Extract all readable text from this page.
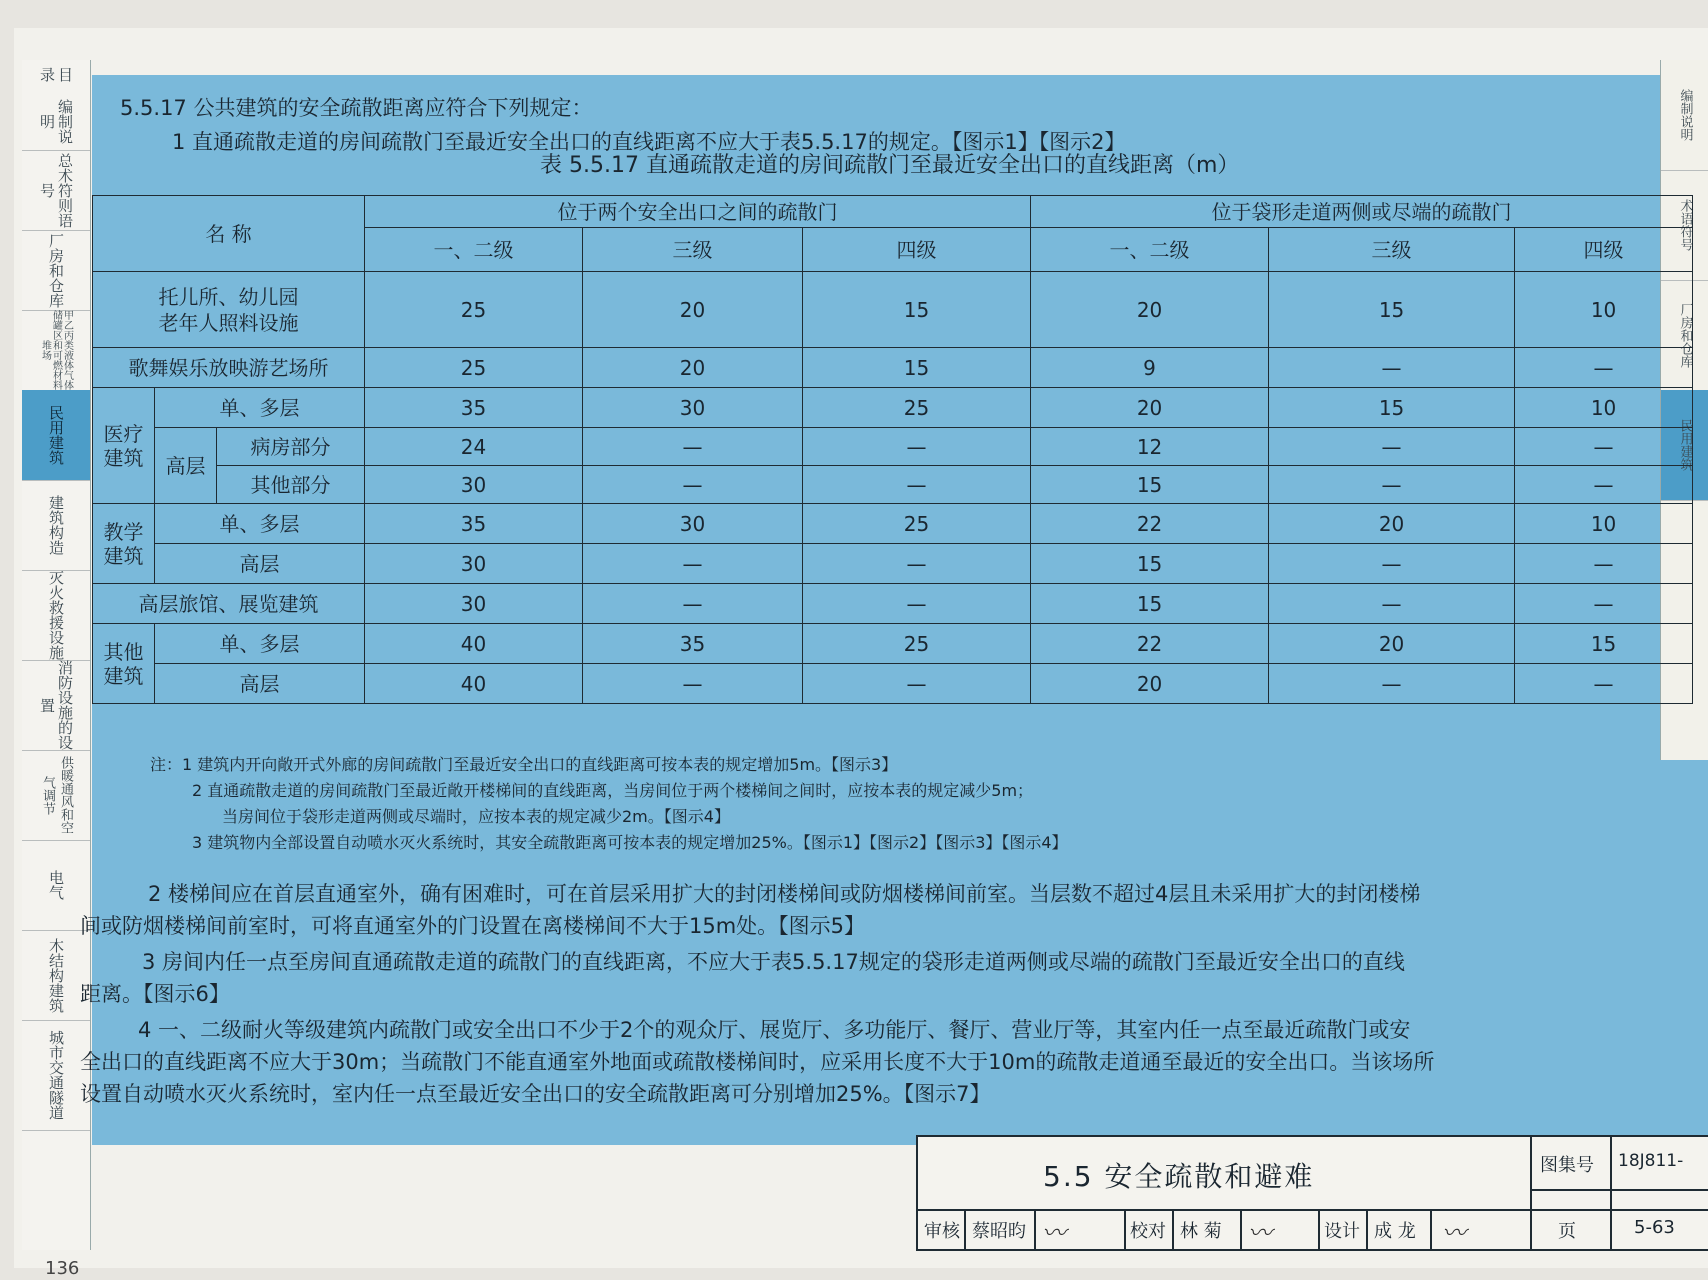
目录

编制说明
总术符则语号
厂房和仓库
甲乙丙类液体气体储罐区和可燃材料堆场
民用建筑
建筑构造
灭火救援设施
消防设施的设置
供暖通风和空气调节
电气
木结构建筑
城市交通隧道
编制说明
术语符号
厂房和仓库
民用建筑
5.5.17 公共建筑的安全疏散距离应符合下列规定：
1 直通疏散走道的房间疏散门至最近安全出口的直线距离不应大于表5.5.17的规定。【图示1】【图示2】
表 5.5.17 直通疏散走道的房间疏散门至最近安全出口的直线距离（m）
名 称			位于两个安全出口之间的疏散门			位于袋形走道两侧或尽端的疏散门		
			一、二级	三级	四级	一、二级	三级	四级

托儿所、幼儿园
老年人照料设施			25	20	15	20	15	10
歌舞娱乐放映游艺场所			25	20	15	9	—	—
医疗建筑	单、多层		35	30	25	20	15	10
	高层	病房部分	24	—	—	12	—	—
		其他部分	30	—	—	15	—	—
教学建筑	单、多层		35	30	25	22	20	10
	高层		30	—	—	15	—	—
高层旅馆、展览建筑			30	—	—	15	—	—
其他建筑	单、多层		40	35	25	22	20	15
	高层		40	—	—	20	—	—
注：1 建筑内开向敞开式外廊的房间疏散门至最近安全出口的直线距离可按本表的规定增加5m。【图示3】
2 直通疏散走道的房间疏散门至最近敞开楼梯间的直线距离，当房间位于两个楼梯间之间时，应按本表的规定减少5m；
当房间位于袋形走道两侧或尽端时，应按本表的规定减少2m。【图示4】
3 建筑物内全部设置自动喷水灭火系统时，其安全疏散距离可按本表的规定增加25%。【图示1】【图示2】【图示3】【图示4】
2 楼梯间应在首层直通室外，确有困难时，可在首层采用扩大的封闭楼梯间或防烟楼梯间前室。当层数不超过4层且未采用扩大的封闭楼梯
间或防烟楼梯间前室时，可将直通室外的门设置在离楼梯间不大于15m处。【图示5】
3 房间内任一点至房间直通疏散走道的疏散门的直线距离，不应大于表5.5.17规定的袋形走道两侧或尽端的疏散门至最近安全出口的直线
距离。【图示6】
4 一、二级耐火等级建筑内疏散门或安全出口不少于2个的观众厅、展览厅、多功能厅、餐厅、营业厅等，其室内任一点至最近疏散门或安
全出口的直线距离不应大于30m；当疏散门不能直通室外地面或疏散楼梯间时，应采用长度不大于10m的疏散走道通至最近的安全出口。当该场所
设置自动喷水灭火系统时，室内任一点至最近安全出口的安全疏散距离可分别增加25%。【图示7】
5.5 安全疏散和避难	图集号 18J811-
页	5-63
审核 蔡昭昀 〰	校对 林 菊 〰	设计 成 龙 〰
136
